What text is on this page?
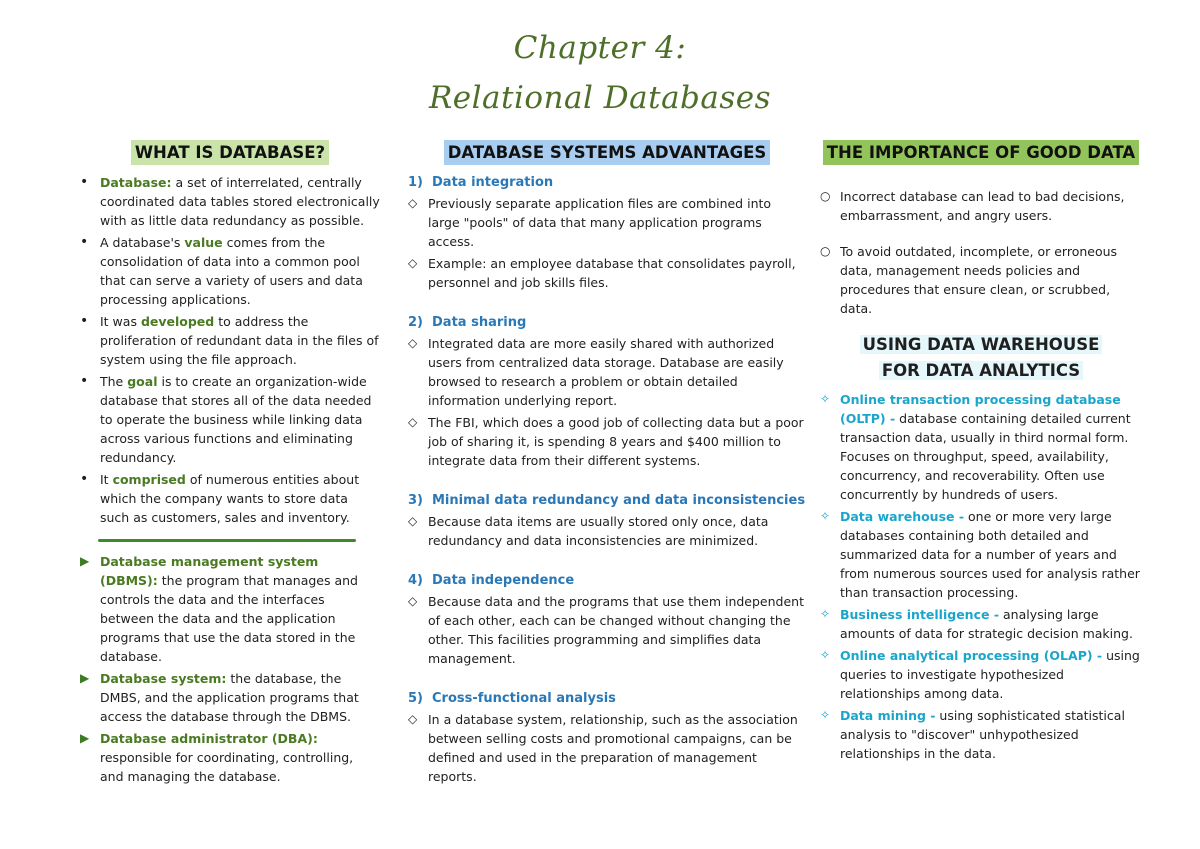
Chapter 4:
Relational Databases
WHAT IS DATABASE?
• Database: a set of interrelated, centrally coordinated data tables stored electronically with as little data redundancy as possible.
• A database's value comes from the consolidation of data into a common pool that can serve a variety of users and data processing applications.
• It was developed to address the proliferation of redundant data in the files of system using the file approach.
• The goal is to create an organization-wide database that stores all of the data needed to operate the business while linking data across various functions and eliminating redundancy.
• It comprised of numerous entities about which the company wants to store data such as customers, sales and inventory.
▶ Database management system (DBMS): the program that manages and controls the data and the interfaces between the data and the application programs that use the data stored in the database.
▶ Database system: the database, the DMBS, and the application programs that access the database through the DBMS.
▶ Database administrator (DBA): responsible for coordinating, controlling, and managing the database.
DATABASE SYSTEMS ADVANTAGES
1) Data integration
◇ Previously separate application files are combined into large "pools" of data that many application programs access.
◇ Example: an employee database that consolidates payroll, personnel and job skills files.
2) Data sharing
◇ Integrated data are more easily shared with authorized users from centralized data storage. Database are easily browsed to research a problem or obtain detailed information underlying report.
◇ The FBI, which does a good job of collecting data but a poor job of sharing it, is spending 8 years and $400 million to integrate data from their different systems.
3) Minimal data redundancy and data inconsistencies
◇ Because data items are usually stored only once, data redundancy and data inconsistencies are minimized.
4) Data independence
◇ Because data and the programs that use them independent of each other, each can be changed without changing the other. This facilities programming and simplifies data management.
5) Cross-functional analysis
◇ In a database system, relationship, such as the association between selling costs and promotional campaigns, can be defined and used in the preparation of management reports.
THE IMPORTANCE OF GOOD DATA
○ Incorrect database can lead to bad decisions, embarrassment, and angry users.
○ To avoid outdated, incomplete, or erroneous data, management needs policies and procedures that ensure clean, or scrubbed, data.
USING DATA WAREHOUSE
FOR DATA ANALYTICS
✧ Online transaction processing database (OLTP) - database containing detailed current transaction data, usually in third normal form. Focuses on throughput, speed, availability, concurrency, and recoverability. Often use concurrently by hundreds of users.
✧ Data warehouse - one or more very large databases containing both detailed and summarized data for a number of years and from numerous sources used for analysis rather than transaction processing.
✧ Business intelligence - analysing large amounts of data for strategic decision making.
✧ Online analytical processing (OLAP) - using queries to investigate hypothesized relationships among data.
✧ Data mining - using sophisticated statistical analysis to "discover" unhypothesized relationships in the data.
